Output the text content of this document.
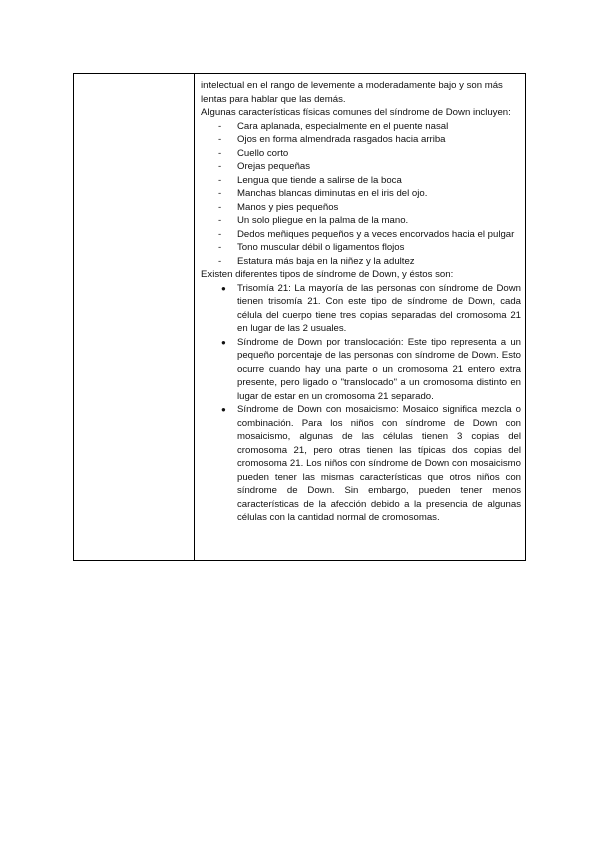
intelectual en el rango de levemente a moderadamente bajo y son más

lentas para hablar que las demás.

Algunas características físicas comunes del síndrome de Down incluyen:

- Cara aplanada, especialmente en el puente nasal
- Ojos en forma almendrada rasgados hacia arriba
- Cuello corto
- Orejas pequeñas
- Lengua que tiende a salirse de la boca
- Manchas blancas diminutas en el iris del ojo.
- Manos y pies pequeños
- Un solo pliegue en la palma de la mano.
- Dedos meñiques pequeños y a veces encorvados hacia el pulgar
- Tono muscular débil o ligamentos flojos
- Estatura más baja en la niñez y la adultez

Existen diferentes tipos de síndrome de Down, y éstos son:

● Trisomía 21: La mayoría de las personas con síndrome de Down tienen trisomía 21. Con este tipo de síndrome de Down, cada célula del cuerpo tiene tres copias separadas del cromosoma 21 en lugar de las 2 usuales.
● Síndrome de Down por translocación: Este tipo representa a un pequeño porcentaje de las personas con síndrome de Down. Esto ocurre cuando hay una parte o un cromosoma 21 entero extra presente, pero ligado o "translocado" a un cromosoma distinto en lugar de estar en un cromosoma 21 separado.
● Síndrome de Down con mosaicismo: Mosaico significa mezcla o combinación. Para los niños con síndrome de Down con mosaicismo, algunas de las células tienen 3 copias del cromosoma 21, pero otras tienen las típicas dos copias del cromosoma 21. Los niños con síndrome de Down con mosaicismo pueden tener las mismas características que otros niños con síndrome de Down. Sin embargo, pueden tener menos características de la afección debido a la presencia de algunas células con la cantidad normal de cromosomas.
